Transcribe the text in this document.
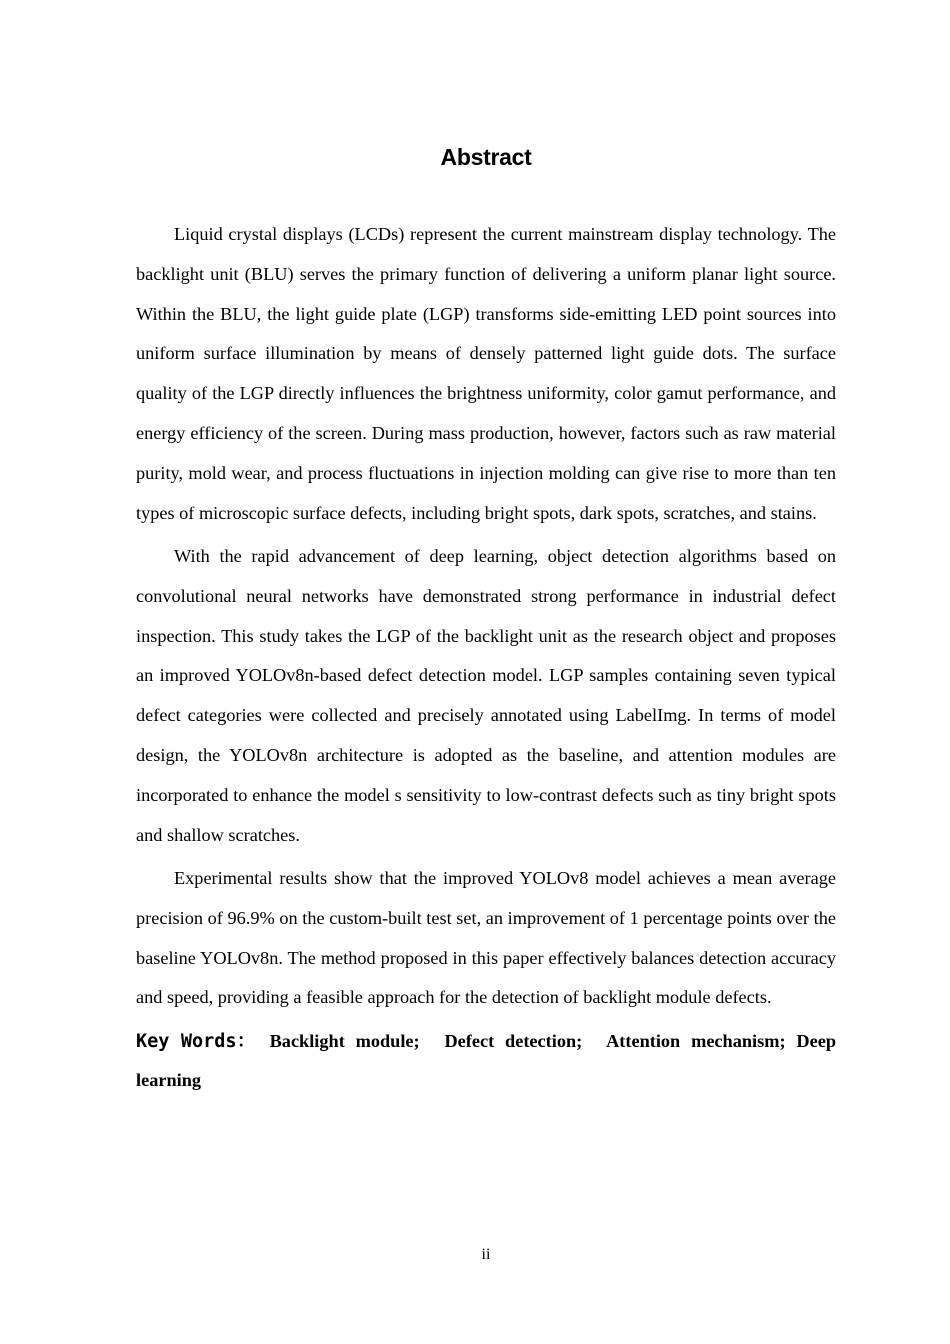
Abstract

Liquid crystal displays (LCDs) represent the current mainstream display technology. The backlight unit (BLU) serves the primary function of delivering a uniform planar light source. Within the BLU, the light guide plate (LGP) transforms side-emitting LED point sources into uniform surface illumination by means of densely patterned light guide dots. The surface quality of the LGP directly influences the brightness uniformity, color gamut performance, and energy efficiency of the screen. During mass production, however, factors such as raw material purity, mold wear, and process fluctuations in injection molding can give rise to more than ten types of microscopic surface defects, including bright spots, dark spots, scratches, and stains.

With the rapid advancement of deep learning, object detection algorithms based on convolutional neural networks have demonstrated strong performance in industrial defect inspection. This study takes the LGP of the backlight unit as the research object and proposes an improved YOLOv8n-based defect detection model. LGP samples containing seven typical defect categories were collected and precisely annotated using LabelImg. In terms of model design, the YOLOv8n architecture is adopted as the baseline, and attention modules are incorporated to enhance the model s sensitivity to low-contrast defects such as tiny bright spots and shallow scratches.

Experimental results show that the improved YOLOv8 model achieves a mean average precision of 96.9% on the custom-built test set, an improvement of 1 percentage points over the baseline YOLOv8n. The method proposed in this paper effectively balances detection accuracy and speed, providing a feasible approach for the detection of backlight module defects.

Key Words： Backlight module; Defect detection; Attention mechanism; Deep learning
ii
